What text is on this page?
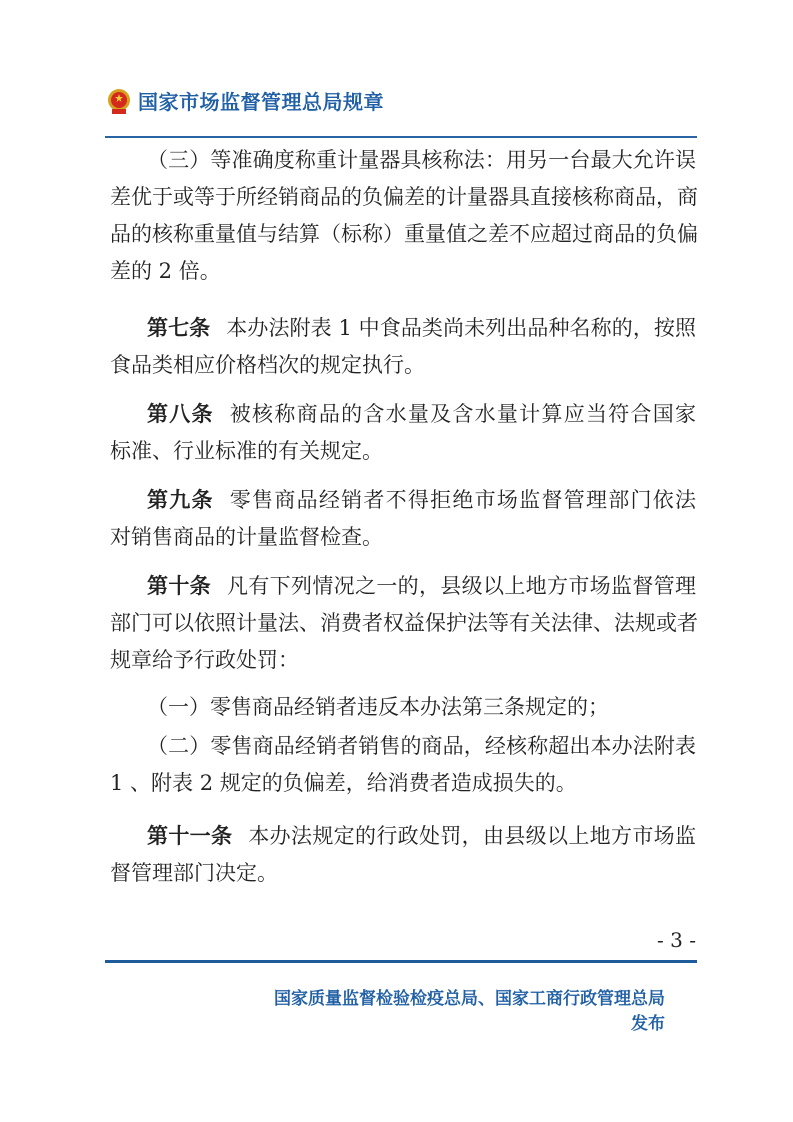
国家市场监督管理总局规章
（三）等准确度称重计量器具核称法：用另一台最大允许误
差优于或等于所经销商品的负偏差的计量器具直接核称商品，商
品的核称重量值与结算（标称）重量值之差不应超过商品的负偏
差的 2 倍。
第七条 本办法附表 1 中食品类尚未列出品种名称的，按照
食品类相应价格档次的规定执行。
第八条 被核称商品的含水量及含水量计算应当符合国家
标准、行业标准的有关规定。
第九条 零售商品经销者不得拒绝市场监督管理部门依法
对销售商品的计量监督检查。
第十条 凡有下列情况之一的，县级以上地方市场监督管理
部门可以依照计量法、消费者权益保护法等有关法律、法规或者
规章给予行政处罚：
（一）零售商品经销者违反本办法第三条规定的；
（二）零售商品经销者销售的商品，经核称超出本办法附表
1 、附表 2 规定的负偏差，给消费者造成损失的。
第十一条 本办法规定的行政处罚，由县级以上地方市场监
督管理部门决定。
- 3 -
国家质量监督检验检疫总局、国家工商行政管理总局
发布
